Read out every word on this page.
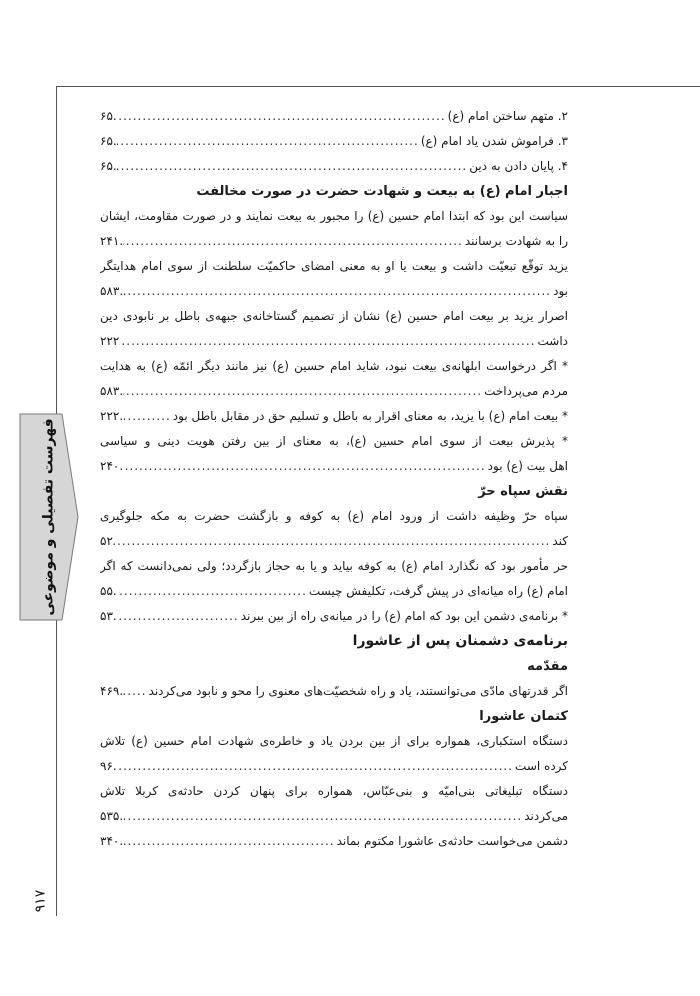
فهرست تفصیلی و موضوعی
۹۱۷
۲. متهم ساختن امام (ع)
.....
۶۵.
۳. فراموش شدن یاد امام (ع)
.....
۶۵.
۴. پایان دادن به دین
.....
۶۵.
اجبار امام (ع) به بیعت و شهادت حضرت در صورت مخالفت
سیاست این بود که ابتدا امام حسین (ع) را مجبور به بیعت نمایند و در صورت مقاومت، ایشان
را به شهادت برسانند
.....
۲۴۱.
یزید توقّع تبعیّت داشت و بیعت یا او به معنی امضای حاکمیّت سلطنت از سوی امام هدایتگر
بود
.....
۵۸۳.
اصرار یزید بر بیعت امام حسین (ع) نشان از تصمیم گستاخانه‌ی جبهه‌ی باطل بر نابودی دین
داشت
.....
۲۲۲
* اگر درخواست ابلهانه‌ی بیعت نبود، شاید امام حسین (ع) نیز مانند دیگر ائمّه (ع) به هدایت
مردم می‌پرداخت
.....
۵۸۳.
* بیعت امام (ع) با یزید، به معنای اقرار به باطل و تسلیم حق در مقابل باطل بود
.....
۲۲۲.
* پذیرش بیعت از سوی امام حسین (ع)، به معنای از بین رفتن هویت دینی و سیاسی
اهل بیت (ع) بود
.....
۲۴۰.
نقش سپاه حرّ
سپاه حرّ وظیفه داشت از ورود امام (ع) به کوفه و بازگشت حضرت به مکه جلوگیری
کند
.....
۵۲
حر مأمور بود که نگذارد امام (ع) به کوفه بیاید و یا به حجاز بازگردد؛ ولی نمی‌دانست که اگر
امام (ع) راه میانه‌ای در پیش گرفت، تکلیفش چیست
.....
۵۵.
* برنامه‌ی دشمن این بود که امام (ع) را در میانه‌ی راه از بین ببرند
.....
۵۳.
برنامه‌ی دشمنان پس از عاشورا
مقدّمه
اگر قدرتهای مادّی می‌توانستند، یاد و راه شخصیّت‌های معنوی را محو و نابود می‌کردند
.....
۴۶۹.
کتمان عاشورا
دستگاه استکباری، همواره برای از بین بردن یاد و خاطره‌ی شهادت امام حسین (ع) تلاش
کرده است
.....
۹۶.
دستگاه تبلیغاتی بنی‌امیّه و بنی‌عبّاس، همواره برای پنهان کردن حادثه‌ی کربلا تلاش
می‌کردند
.....
۵۳۵.
دشمن می‌خواست حادثه‌ی عاشورا مکتوم بماند
.....
۳۴۰.
